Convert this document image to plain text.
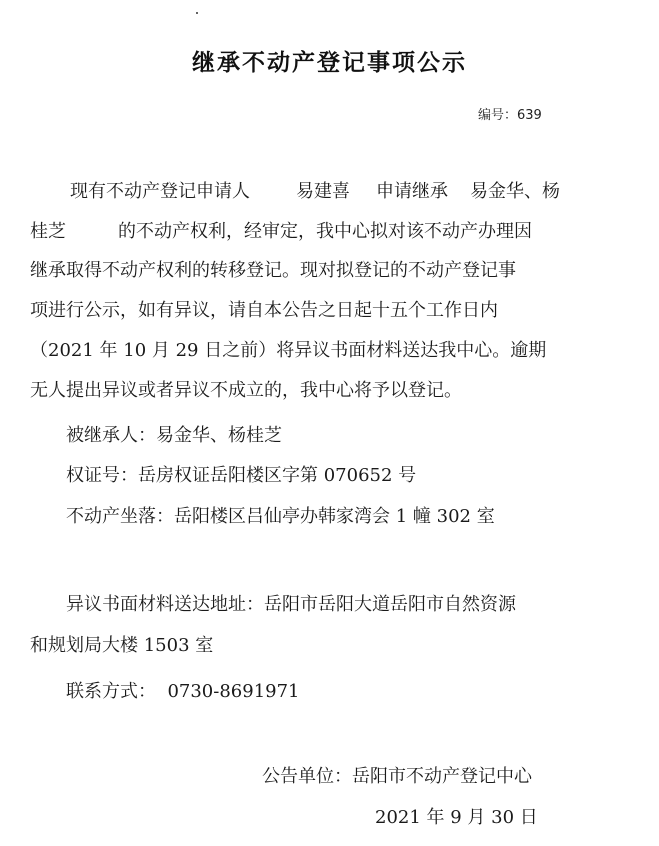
继承不动产登记事项公示
编号：639
现有不动产登记申请人	易建喜 申请继承 易金华、杨
桂芝	的不动产权利，经审定，我中心拟对该不动产办理因
继承取得不动产权利的转移登记。现对拟登记的不动产登记事
项进行公示，如有异议，请自本公告之日起十五个工作日内
（2021 年 10 月 29 日之前）将异议书面材料送达我中心。逾期
无人提出异议或者异议不成立的，我中心将予以登记。
被继承人：易金华、杨桂芝
权证号：岳房权证岳阳楼区字第 070652 号
不动产坐落：岳阳楼区吕仙亭办韩家湾会 1 幢 302 室
异议书面材料送达地址：岳阳市岳阳大道岳阳市自然资源
和规划局大楼 1503 室
联系方式：  0730-8691971
公告单位：岳阳市不动产登记中心
2021 年 9 月 30 日
